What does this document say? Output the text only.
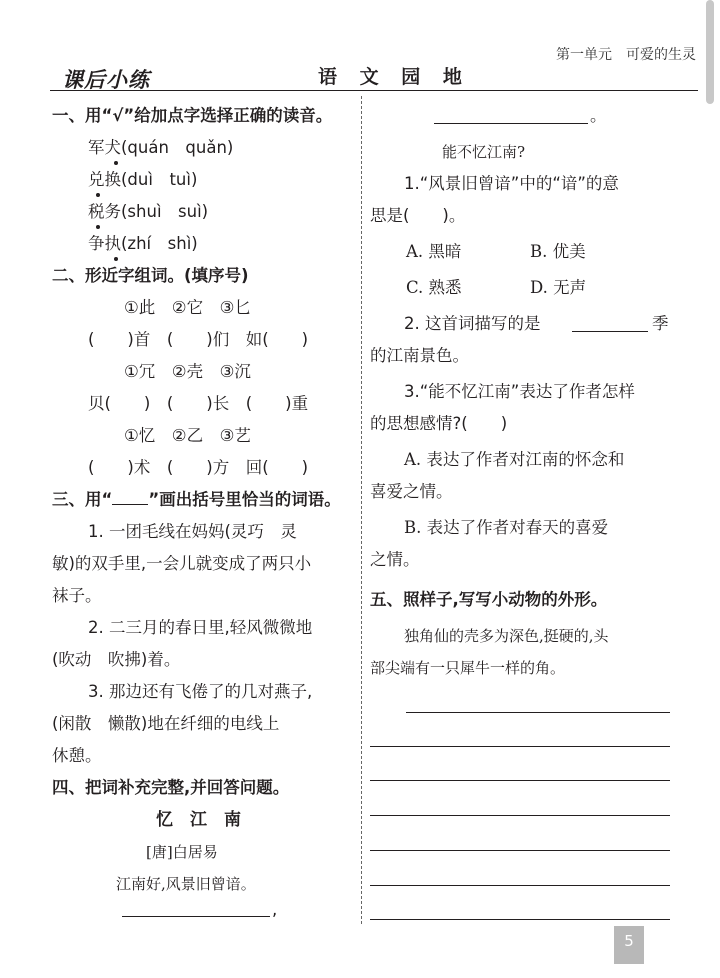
第一单元　可爱的生灵
课后小练	语 文 园 地
一、用“√”给加点字选择正确的读音。
军犬(quán　quǎn)
兑换(duì　tuì)
税务(shuì　suì)
争执(zhí　shì)
二、形近字组词。(填序号)
①此　②它　③匕
(　　)首　(　　)们　如(　　)
①冗　②壳　③沉
贝(　　)　(　　)长　(　　)重
①忆　②乙　③艺
(　　)术　(　　)方　回(　　)
三、用“ ”画出括号里恰当的词语。
1. 一团毛线在妈妈(灵巧　灵
敏)的双手里,一会儿就变成了两只小
袜子。
2. 二三月的春日里,轻风微微地
(吹动　吹拂)着。
3. 那边还有飞倦了的几对燕子,
(闲散　懒散)地在纤细的电线上
休憩。
四、把词补充完整,并回答问题。
忆　江　南
[唐]白居易
江南好,风景旧曾谙。
,
。
能不忆江南?
1.“风景旧曾谙”中的“谙”的意
思是(　　)。
A. 黑暗	B. 优美
C. 熟悉	D. 无声
2. 这首词描写的是	季
的江南景色。
3.“能不忆江南”表达了作者怎样
的思想感情?(　　)
A. 表达了作者对江南的怀念和
喜爱之情。
B. 表达了作者对春天的喜爱
之情。
五、照样子,写写小动物的外形。
独角仙的壳多为深色,挺硬的,头
部尖端有一只犀牛一样的角。
5
